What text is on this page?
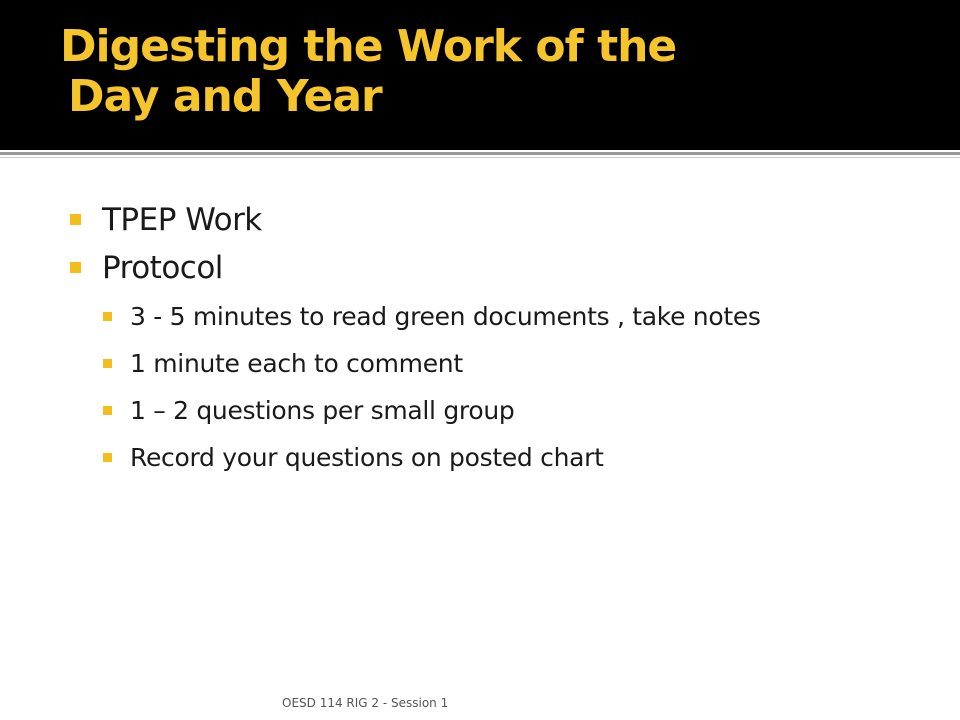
Digesting the Work of the
Day and Year
TPEP Work
Protocol
3 - 5 minutes to read green documents , take notes
1 minute each to comment
1 – 2 questions per small group
Record your questions on posted chart
OESD 114 RIG 2 - Session 1
